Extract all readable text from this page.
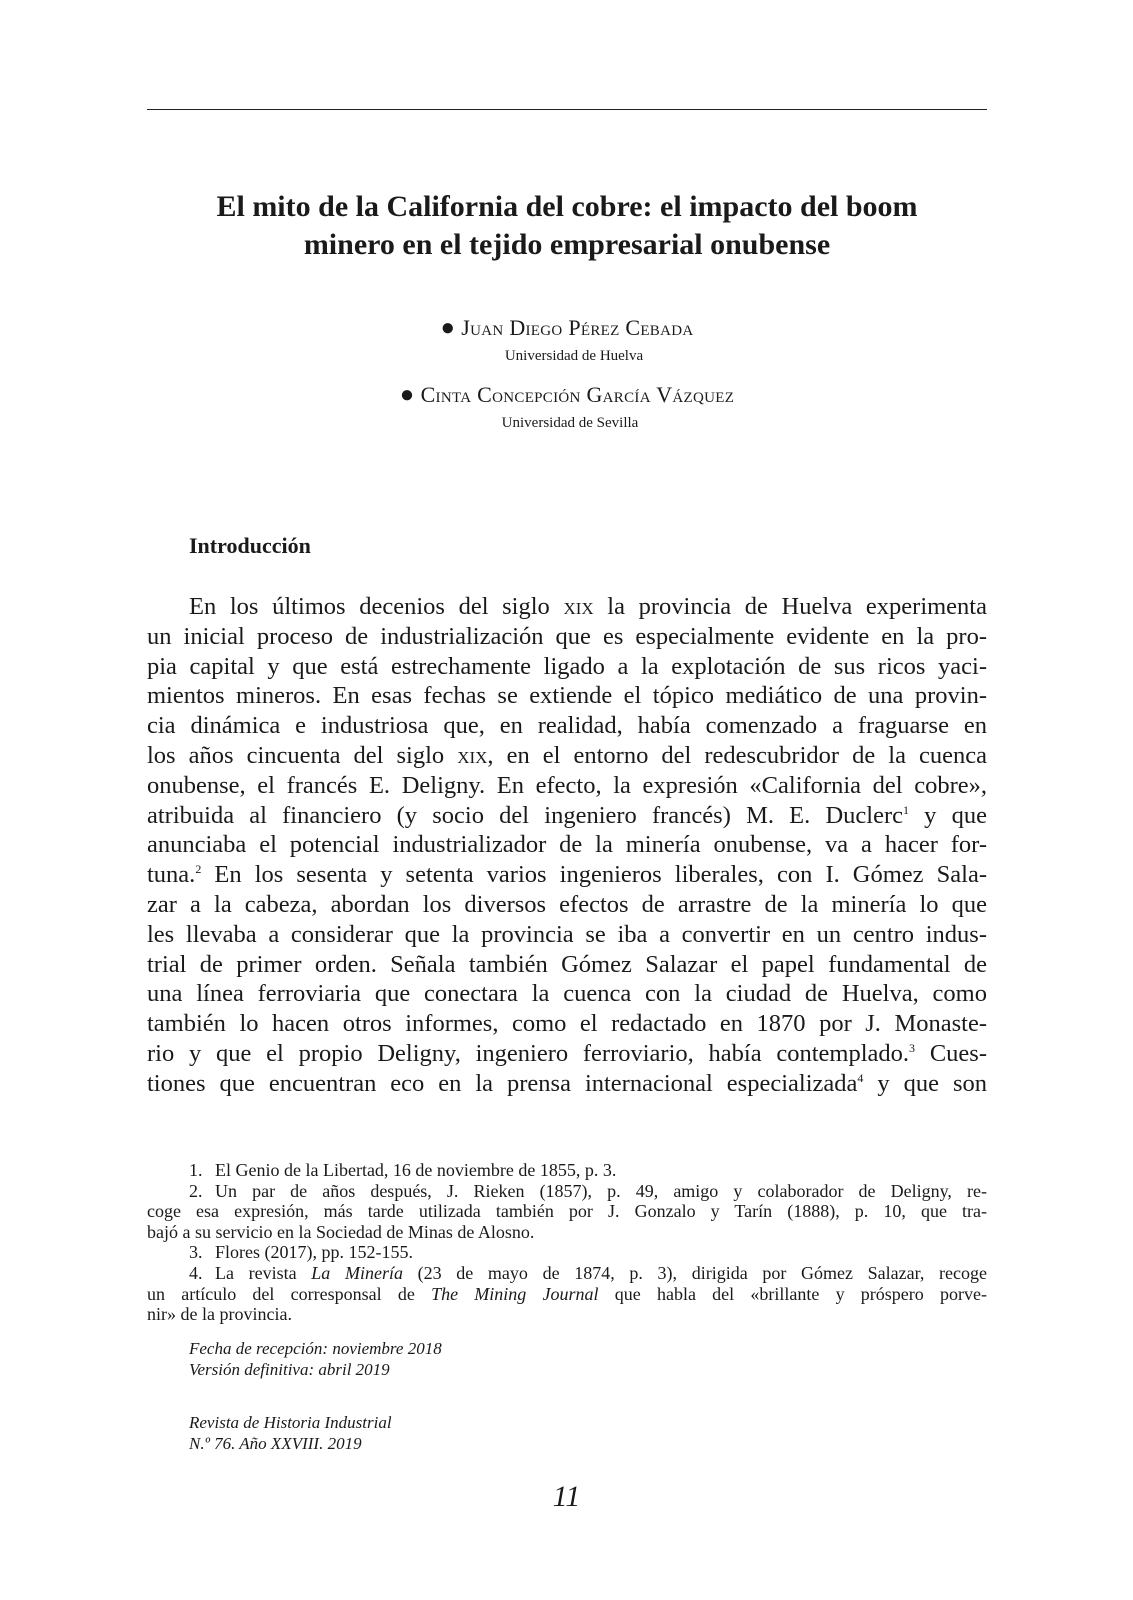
El mito de la California del cobre: el impacto del boom
minero en el tejido empresarial onubense
● Juan Diego Pérez Cebada
Universidad de Huelva
● Cinta Concepción García Vázquez
Universidad de Sevilla
Introducción

En los últimos decenios del siglo xix la provincia de Huelva experimenta
un inicial proceso de industrialización que es especialmente evidente en la pro-
pia capital y que está estrechamente ligado a la explotación de sus ricos yaci-
mientos mineros. En esas fechas se extiende el tópico mediático de una provin-
cia dinámica e industriosa que, en realidad, había comenzado a fraguarse en
los años cincuenta del siglo xix, en el entorno del redescubridor de la cuenca
onubense, el francés E. Deligny. En efecto, la expresión «California del cobre»,
atribuida al financiero (y socio del ingeniero francés) M. E. Duclerc$^1$ y que
anunciaba el potencial industrializador de la minería onubense, va a hacer for-
tuna.$^2$ En los sesenta y setenta varios ingenieros liberales, con I. Gómez Sala-
zar a la cabeza, abordan los diversos efectos de arrastre de la minería lo que
les llevaba a considerar que la provincia se iba a convertir en un centro indus-
trial de primer orden. Señala también Gómez Salazar el papel fundamental de
una línea ferroviaria que conectara la cuenca con la ciudad de Huelva, como
también lo hacen otros informes, como el redactado en 1870 por J. Monaste-
rio y que el propio Deligny, ingeniero ferroviario, había contemplado.$^3$ Cues-
tiones que encuentran eco en la prensa internacional especializada$^4$ y que son

1. El Genio de la Libertad, 16 de noviembre de 1855, p. 3.
2. Un par de años después, J. Rieken (1857), p. 49, amigo y colaborador de Deligny, re-
coge esa expresión, más tarde utilizada también por J. Gonzalo y Tarín (1888), p. 10, que tra-
bajó a su servicio en la Sociedad de Minas de Alosno.
3. Flores (2017), pp. 152-155.
4. La revista La Minería (23 de mayo de 1874, p. 3), dirigida por Gómez Salazar, recoge
un artículo del corresponsal de The Mining Journal que habla del «brillante y próspero porve-
nir» de la provincia.

Fecha de recepción: noviembre 2018
Versión definitiva: abril 2019

Revista de Historia Industrial
N.º 76. Año XXVIII. 2019

11
